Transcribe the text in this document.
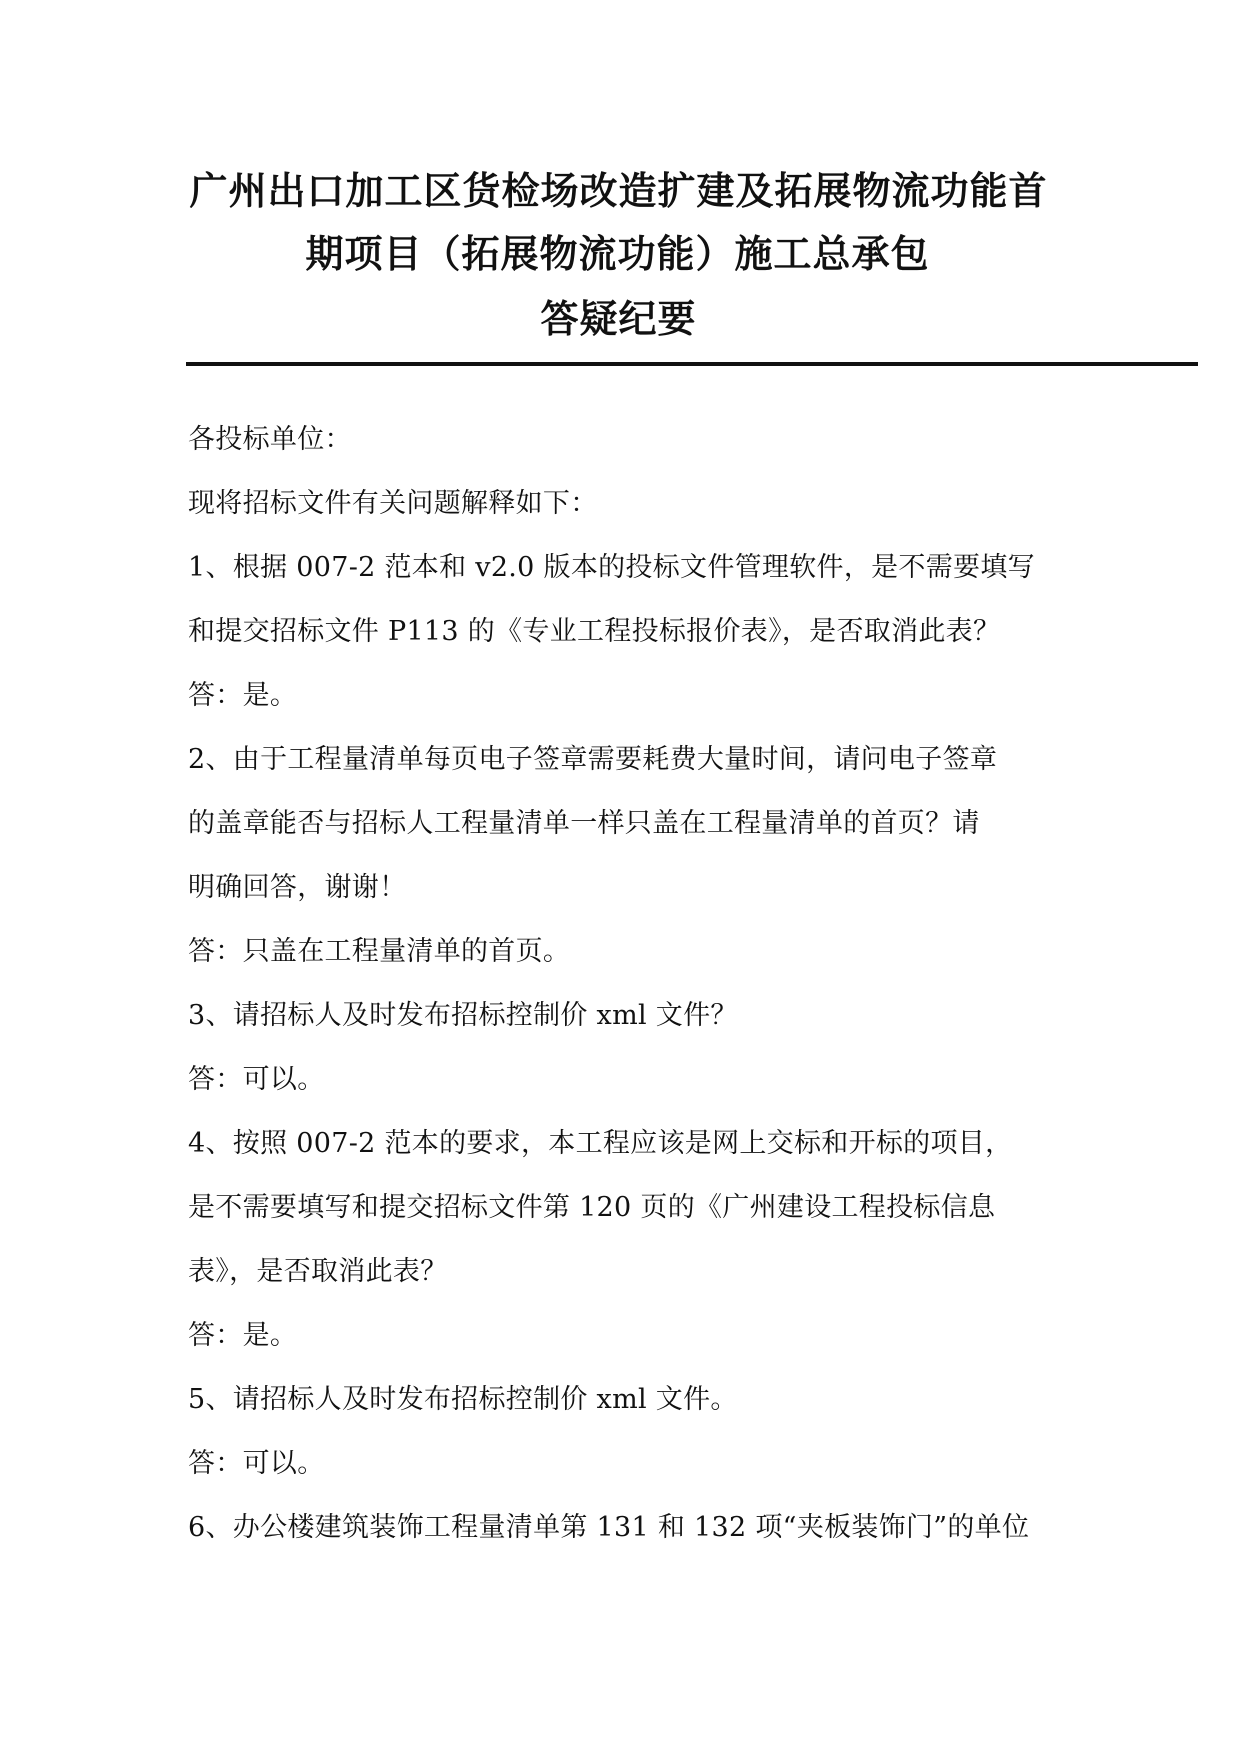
广州出口加工区货检场改造扩建及拓展物流功能首
期项目（拓展物流功能）施工总承包
答疑纪要
各投标单位：
现将招标文件有关问题解释如下：
1、根据 007-2 范本和 v2.0 版本的投标文件管理软件，是不需要填写
和提交招标文件 P113 的《专业工程投标报价表》，是否取消此表？
答：是。
2、由于工程量清单每页电子签章需要耗费大量时间，请问电子签章
的盖章能否与招标人工程量清单一样只盖在工程量清单的首页？请
明确回答，谢谢！
答：只盖在工程量清单的首页。
3、请招标人及时发布招标控制价 xml 文件？
答：可以。
4、按照 007-2 范本的要求，本工程应该是网上交标和开标的项目，
是不需要填写和提交招标文件第 120 页的《广州建设工程投标信息
表》，是否取消此表？
答：是。
5、请招标人及时发布招标控制价 xml 文件。
答：可以。
6、办公楼建筑装饰工程量清单第 131 和 132 项“夹板装饰门”的单位
